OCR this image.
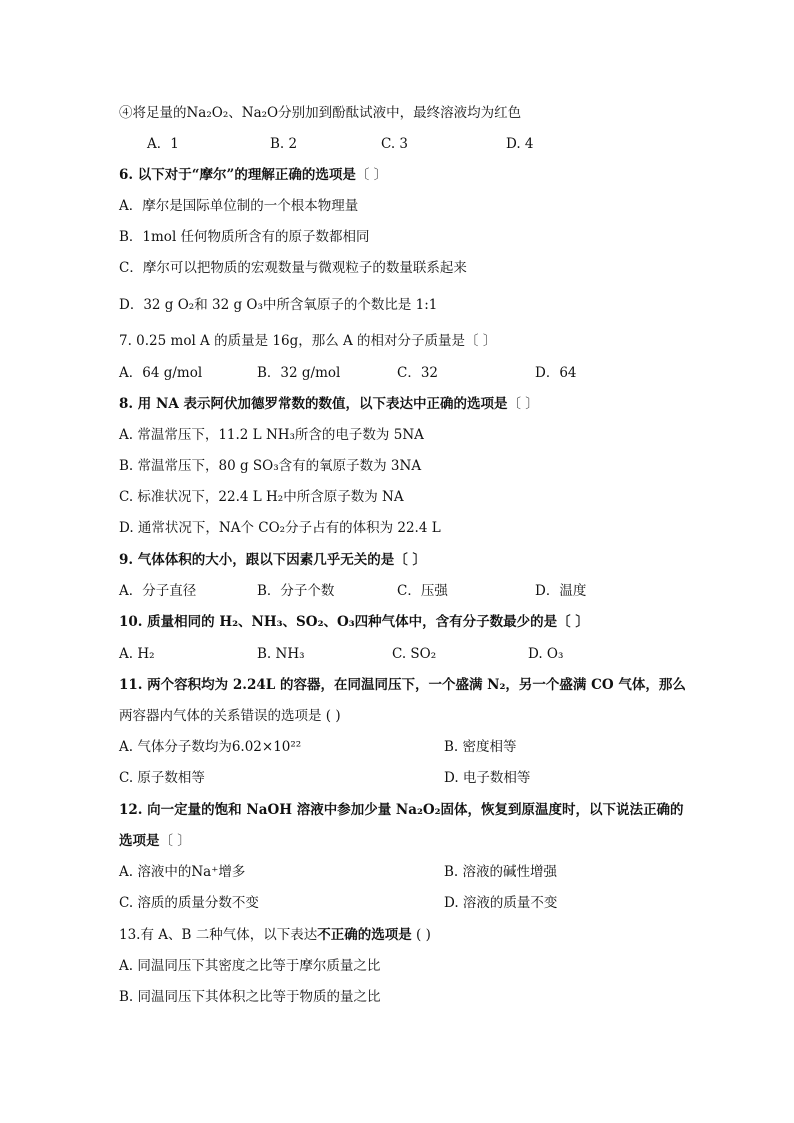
④将足量的Na₂O₂、Na₂O分别加到酚酞试液中，最终溶液均为红色
A．1	B. 2	C. 3	D. 4
6. 以下对于“摩尔”的理解正确的选项是〔 〕
A．摩尔是国际单位制的一个根本物理量
B．1mol 任何物质所含有的原子数都相同
C．摩尔可以把物质的宏观数量与微观粒子的数量联系起来
D．32 g O₂和 32 g O₃中所含氧原子的个数比是 1:1
7. 0.25 mol A 的质量是 16g，那么 A 的相对分子质量是〔 〕
A．64 g/mol	B．32 g/mol	C．32	D．64
8. 用 NA 表示阿伏加德罗常数的数值，以下表达中正确的选项是〔 〕
A. 常温常压下，11.2 L NH₃所含的电子数为 5NA
B. 常温常压下，80 g SO₃含有的氧原子数为 3NA
C. 标准状况下，22.4 L H₂中所含原子数为 NA
D. 通常状况下，NA个 CO₂分子占有的体积为 22.4 L
9. 气体体积的大小，跟以下因素几乎无关的是〔 〕
A．分子直径	B．分子个数	C．压强	D．温度
10. 质量相同的 H₂、NH₃、SO₂、O₃四种气体中，含有分子数最少的是〔 〕
A. H₂	B. NH₃	C. SO₂	D. O₃
11. 两个容积均为 2.24L 的容器，在同温同压下，一个盛满 N₂，另一个盛满 CO 气体，那么
两容器内气体的关系错误的选项是 ( )
A. 气体分子数均为6.02×10²²	B. 密度相等
C. 原子数相等	D. 电子数相等
12. 向一定量的饱和 NaOH 溶液中参加少量 Na₂O₂固体，恢复到原温度时，以下说法正确的
选项是〔 〕
A. 溶液中的Na⁺增多	B. 溶液的碱性增强
C. 溶质的质量分数不变	D. 溶液的质量不变
13.有 A、B 二种气体，以下表达不正确的选项是 ( )
A. 同温同压下其密度之比等于摩尔质量之比
B. 同温同压下其体积之比等于物质的量之比
